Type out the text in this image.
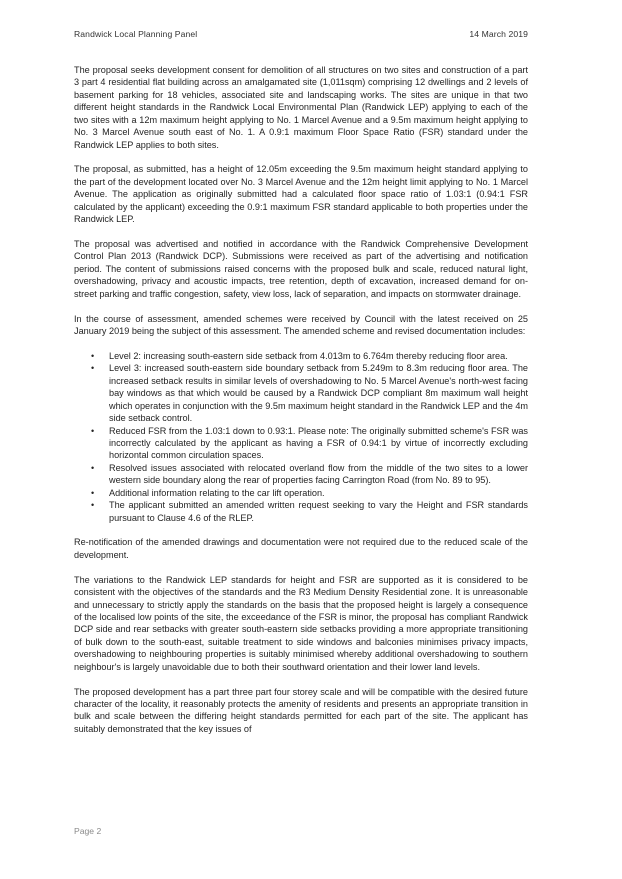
Randwick Local Planning Panel	14 March 2019

The proposal seeks development consent for demolition of all structures on two sites and construction of a part 3 part 4 residential flat building across an amalgamated site (1,011sqm) comprising 12 dwellings and 2 levels of basement parking for 18 vehicles, associated site and landscaping works. The sites are unique in that two different height standards in the Randwick Local Environmental Plan (Randwick LEP) applying to each of the two sites with a 12m maximum height applying to No. 1 Marcel Avenue and a 9.5m maximum height applying to No. 3 Marcel Avenue south east of No. 1. A 0.9:1 maximum Floor Space Ratio (FSR) standard under the Randwick LEP applies to both sites.

The proposal, as submitted, has a height of 12.05m exceeding the 9.5m maximum height standard applying to the part of the development located over No. 3 Marcel Avenue and the 12m height limit applying to No. 1 Marcel Avenue. The application as originally submitted had a calculated floor space ratio of 1.03:1 (0.94:1 FSR calculated by the applicant) exceeding the 0.9:1 maximum FSR standard applicable to both properties under the Randwick LEP.

The proposal was advertised and notified in accordance with the Randwick Comprehensive Development Control Plan 2013 (Randwick DCP). Submissions were received as part of the advertising and notification period. The content of submissions raised concerns with the proposed bulk and scale, reduced natural light, overshadowing, privacy and acoustic impacts, tree retention, depth of excavation, increased demand for on-street parking and traffic congestion, safety, view loss, lack of separation, and impacts on stormwater drainage.

In the course of assessment, amended schemes were received by Council with the latest received on 25 January 2019 being the subject of this assessment. The amended scheme and revised documentation includes:

• Level 2: increasing south-eastern side setback from 4.013m to 6.764m thereby reducing floor area.
• Level 3: increased south-eastern side boundary setback from 5.249m to 8.3m reducing floor area. The increased setback results in similar levels of overshadowing to No. 5 Marcel Avenue's north-west facing bay windows as that which would be caused by a Randwick DCP compliant 8m maximum wall height which operates in conjunction with the 9.5m maximum height standard in the Randwick LEP and the 4m side setback control.
• Reduced FSR from the 1.03:1 down to 0.93:1. Please note: The originally submitted scheme's FSR was incorrectly calculated by the applicant as having a FSR of 0.94:1 by virtue of incorrectly excluding horizontal common circulation spaces.
• Resolved issues associated with relocated overland flow from the middle of the two sites to a lower western side boundary along the rear of properties facing Carrington Road (from No. 89 to 95).
• Additional information relating to the car lift operation.
• The applicant submitted an amended written request seeking to vary the Height and FSR standards pursuant to Clause 4.6 of the RLEP.

Re-notification of the amended drawings and documentation were not required due to the reduced scale of the development.

The variations to the Randwick LEP standards for height and FSR are supported as it is considered to be consistent with the objectives of the standards and the R3 Medium Density Residential zone. It is unreasonable and unnecessary to strictly apply the standards on the basis that the proposed height is largely a consequence of the localised low points of the site, the exceedance of the FSR is minor, the proposal has compliant Randwick DCP side and rear setbacks with greater south-eastern side setbacks providing a more appropriate transitioning of bulk down to the south-east, suitable treatment to side windows and balconies minimises privacy impacts, overshadowing to neighbouring properties is suitably minimised whereby additional overshadowing to southern neighbour's is largely unavoidable due to both their southward orientation and their lower land levels.

The proposed development has a part three part four storey scale and will be compatible with the desired future character of the locality, it reasonably protects the amenity of residents and presents an appropriate transition in bulk and scale between the differing height standards permitted for each part of the site. The applicant has suitably demonstrated that the key issues of

Page 2
